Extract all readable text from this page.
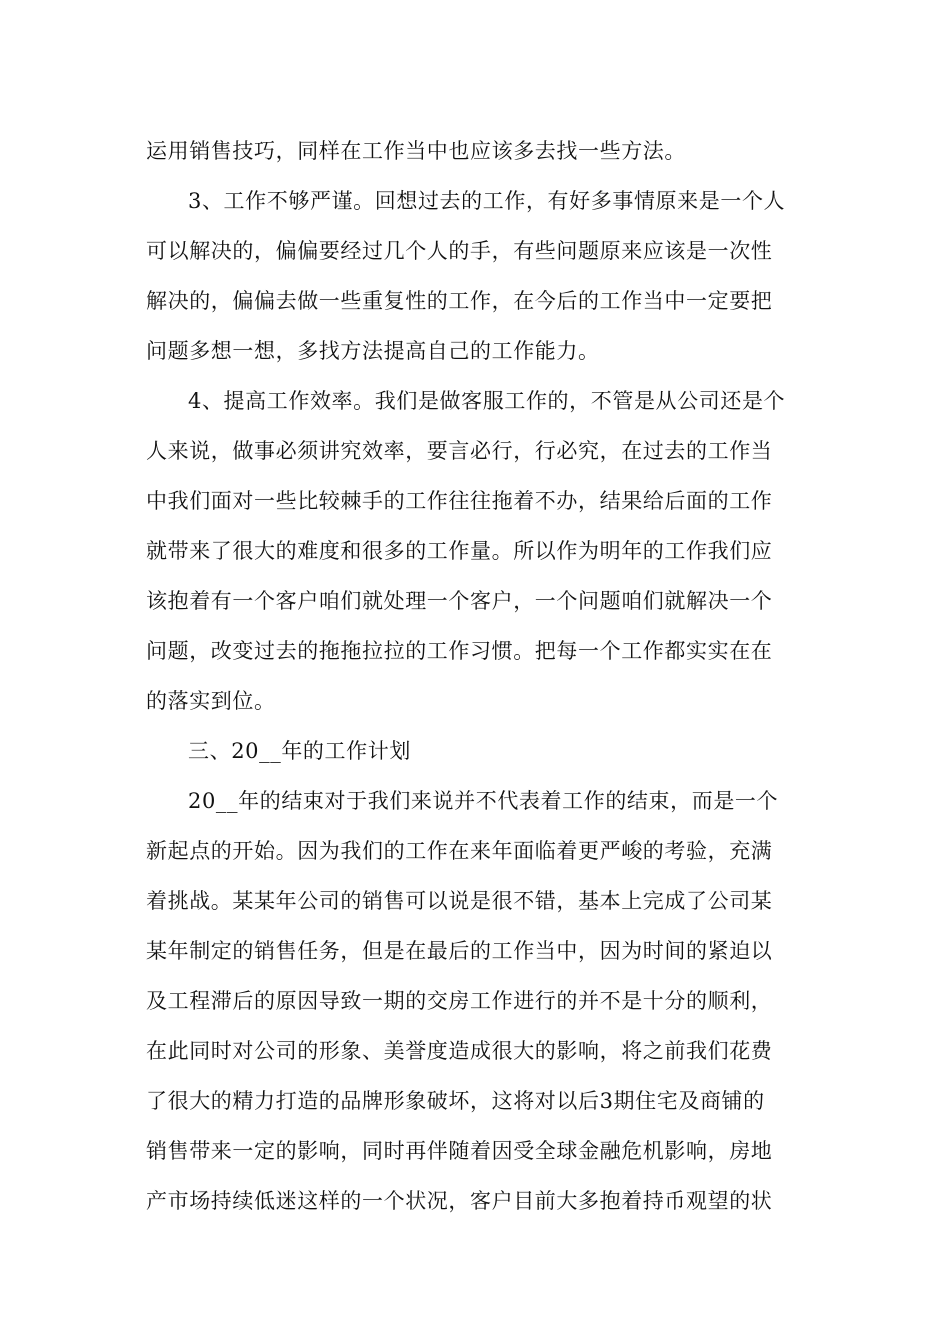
运用销售技巧，同样在工作当中也应该多去找一些方法。
3、工作不够严谨。回想过去的工作，有好多事情原来是一个人
可以解决的，偏偏要经过几个人的手，有些问题原来应该是一次性
解决的，偏偏去做一些重复性的工作，在今后的工作当中一定要把
问题多想一想，多找方法提高自己的工作能力。
4、提高工作效率。我们是做客服工作的，不管是从公司还是个
人来说，做事必须讲究效率，要言必行，行必究，在过去的工作当
中我们面对一些比较棘手的工作往往拖着不办，结果给后面的工作
就带来了很大的难度和很多的工作量。所以作为明年的工作我们应
该抱着有一个客户咱们就处理一个客户，一个问题咱们就解决一个
问题，改变过去的拖拖拉拉的工作习惯。把每一个工作都实实在在
的落实到位。
三、20__年的工作计划
20__年的结束对于我们来说并不代表着工作的结束，而是一个
新起点的开始。因为我们的工作在来年面临着更严峻的考验，充满
着挑战。某某年公司的销售可以说是很不错，基本上完成了公司某
某年制定的销售任务，但是在最后的工作当中，因为时间的紧迫以
及工程滞后的原因导致一期的交房工作进行的并不是十分的顺利，
在此同时对公司的形象、美誉度造成很大的影响，将之前我们花费
了很大的精力打造的品牌形象破坏，这将对以后3期住宅及商铺的
销售带来一定的影响，同时再伴随着因受全球金融危机影响，房地
产市场持续低迷这样的一个状况，客户目前大多抱着持币观望的状
